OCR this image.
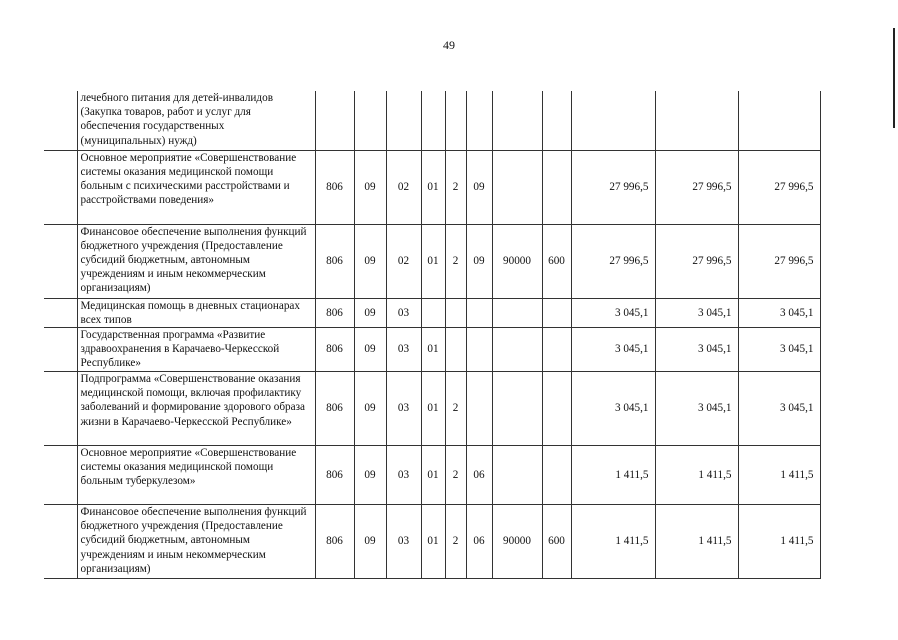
49
	лечебного питания для детей-инвалидов (Закупка товаров, работ и услуг для обеспечения государственных (муниципальных) нужд)											
	Основное мероприятие «Совершенствование системы оказания медицинской помощи больным с психическими расстройствами и расстройствами поведения»	806	09	02	01	2	09			27 996,5	27 996,5	27 996,5
	Финансовое обеспечение выполнения функций бюджетного учреждения (Предоставление субсидий бюджетным, автономным учреждениям и иным некоммерческим организациям)	806	09	02	01	2	09	90000	600	27 996,5	27 996,5	27 996,5
	Медицинская помощь в дневных стационарах всех типов	806	09	03						3 045,1	3 045,1	3 045,1
	Государственная программа «Развитие здравоохранения в Карачаево-Черкесской Республике»	806	09	03	01					3 045,1	3 045,1	3 045,1
	Подпрограмма «Совершенствование оказания медицинской помощи, включая профилактику заболеваний и формирование здорового образа жизни в Карачаево-Черкесской Республике»	806	09	03	01	2				3 045,1	3 045,1	3 045,1
	Основное мероприятие «Совершенствование системы оказания медицинской помощи больным туберкулезом»	806	09	03	01	2	06			1 411,5	1 411,5	1 411,5
	Финансовое обеспечение выполнения функций бюджетного учреждения (Предоставление субсидий бюджетным, автономным учреждениям и иным некоммерческим организациям)	806	09	03	01	2	06	90000	600	1 411,5	1 411,5	1 411,5
